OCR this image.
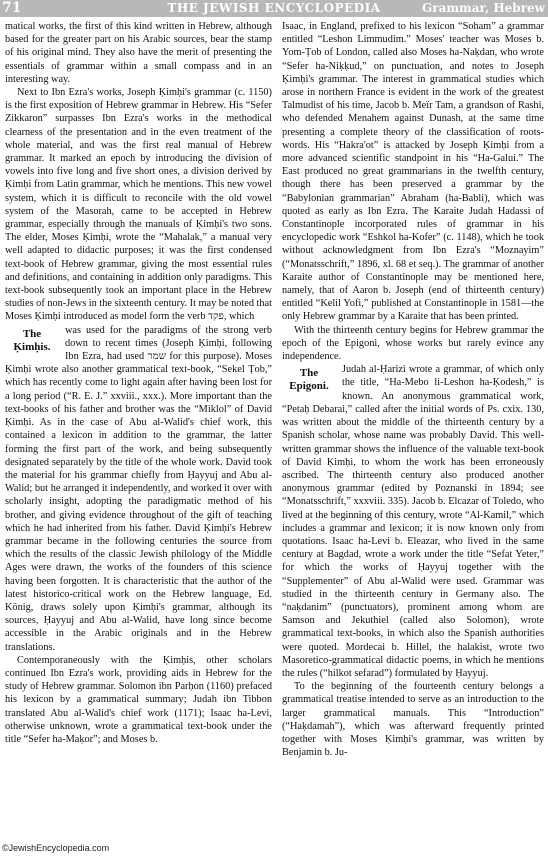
71	THE JEWISH ENCYCLOPEDIA	Grammar, Hebrew

matical works, the first of this kind written in Hebrew, although based for the greater part on his Arabic sources, bear the stamp of his original mind. They also have the merit of presenting the essentials of grammar within a small compass and in an interesting way.

Next to Ibn Ezra's works, Joseph Ḳimḥi's grammar (c. 1150) is the first exposition of Hebrew grammar in Hebrew. His “Sefer Zikkaron” surpasses Ibn Ezra's works in the methodical clearness of the presentation and in the even treatment of the whole material, and was the first real manual of Hebrew grammar. It marked an epoch by introducing the division of vowels into five long and five short ones, a division derived by Ḳimḥi from Latin grammar, which he mentions. This new vowel system, which it is difficult to reconcile with the old vowel system of the Masorah, came to be accepted in Hebrew grammar, especially through the manuals of Ḳimḥi's two sons. The elder, Moses Ḳimḥi, wrote the “Mahalak,” a manual very well adapted to didactic purposes; it was the first condensed text-book of Hebrew grammar, giving the most essential rules and definitions, and containing in addition only paradigms. This text-book subsequently took an important place in the Hebrew studies of non-Jews in the sixteenth century. It may be noted that Moses Ḳimḥi introduced as model form the verb פקד, which

The Ḳimḥis.
was used for the paradigms of the strong verb down to recent times (Joseph Ḳimḥi, following Ibn Ezra, had used שמר for this purpose). Moses Ḳimḥi wrote also another grammatical text-book, “Sekel Ṭob,” which has recently come to light again after having been lost for a long period (“R. E. J.” xxviii., xxx.). More important than the text-books of his father and brother was the “Miklol” of David Ḳimḥi. As in the case of Abu al-Walid's chief work, this contained a lexicon in addition to the grammar, the latter forming the first part of the work, and being subsequently designated separately by the title of the whole work. David took the material for his grammar chiefly from Ḥayyuj and Abu al-Walid; but he arranged it independently, and worked it over with scholarly insight, adopting the paradigmatic method of his brother, and giving evidence throughout of the gift of teaching which he had inherited from his father. David Ḳimḥi's Hebrew grammar became in the following centuries the source from which the results of the classic Jewish philology of the Middle Ages were drawn, the works of the founders of this science having been forgotten. It is characteristic that the author of the latest historico-critical work on the Hebrew language, Ed. König, draws solely upon Ḳimḥi's grammar, although its sources, Ḥayyuj and Abu al-Walid, have long since become accessible in the Arabic originals and in the Hebrew translations.

Contemporaneously with the Ḳimḥis, other scholars continued Ibn Ezra's work, providing aids in Hebrew for the study of Hebrew grammar. Solomon ibn Parḥon (1160) prefaced his lexicon by a grammatical summary; Judah ibn Tibbon translated Abu al-Walid's chief work (1171); Isaac ha-Levi, otherwise unknown, wrote a grammatical text-book under the title “Sefer ha-Maḳor”; and Moses b.

Isaac, in England, prefixed to his lexicon “Soham” a grammar entitled “Leshon Limmudim.” Moses' teacher was Moses b. Yom-Ṭob of London, called also Moses ha-Naḳdan, who wrote “Sefer ha-Niḳḳud,” on punctuation, and notes to Joseph Ḳimḥi's grammar. The interest in grammatical studies which arose in northern France is evident in the work of the greatest Talmudist of his time, Jacob b. Meïr Tam, a grandson of Rashi, who defended Menahem against Dunash, at the same time presenting a complete theory of the classification of roots-words. His “Hakra'ot” is attacked by Joseph Ḳimḥi from a more advanced scientific standpoint in his “Ha-Galui.” The East produced no great grammarians in the twelfth century, though there has been preserved a grammar by the “Babylonian grammarian” Abraham (ha-Babli), which was quoted as early as Ibn Ezra. The Karaite Judah Hadassi of Constantinople incorporated rules of grammar in his encyclopedic work “Eshkol ha-Kofer” (c. 1148), which he took without acknowledgment from Ibn Ezra's “Moznayim” (“Monatsschrift,” 1896, xl. 68 et seq.). The grammar of another Karaite author of Constantinople may be mentioned here, namely, that of Aaron b. Joseph (end of thirteenth century) entitled “Kelil Yofi,” published at Constantinople in 1581—the only Hebrew grammar by a Karaite that has been printed.

With the thirteenth century begins for Hebrew grammar the epoch of the Epigoni, whose works but rarely evince any independence.

The Epigoni.
Judah al-Ḥarizi wrote a grammar, of which only the title, “Ha-Mebo li-Leshon ha-Ḳodesh,” is known. An anonymous grammatical work, “Petaḥ Debarai,” called after the initial words of Ps. cxix. 130, was written about the middle of the thirteenth century by a Spanish scholar, whose name was probably David. This well-written grammar shows the influence of the valuable text-book of David Ḳimḥi, to whom the work has been erroneously ascribed. The thirteenth century also produced another anonymous grammar (edited by Poznanski in 1894; see “Monatsschrift,” xxxviii. 335). Jacob b. Elcazar of Toledo, who lived at the beginning of this century, wrote “Al-Kamil,” which includes a grammar and lexicon; it is now known only from quotations. Isaac ha-Levi b. Eleazar, who lived in the same century at Bagdad, wrote a work under the title “Sefat Yeter,” for which the works of Ḥayyuj together with the “Supplementer” of Abu al-Walid were used. Grammar was studied in the thirteenth century in Germany also. The “naḳdanim” (punctuators), prominent among whom are Samson and Jekuthiel (called also Solomon), wrote grammatical text-books, in which also the Spanish authorities were quoted. Mordecai b. Hillel, the halakist, wrote two Masoretico-grammatical didactic poems, in which he mentions the rules (“hilkot sefarad”) formulated by Ḥayyuj.

To the beginning of the fourteenth century belongs a grammatical treatise intended to serve as an introduction to the larger grammatical manuals. This “Introduction” (“Haḳdamah”), which was afterward frequently printed together with Moses Ḳimḥi's grammar, was written by Benjamin b. Ju-

©JewishEncyclopedia.com
